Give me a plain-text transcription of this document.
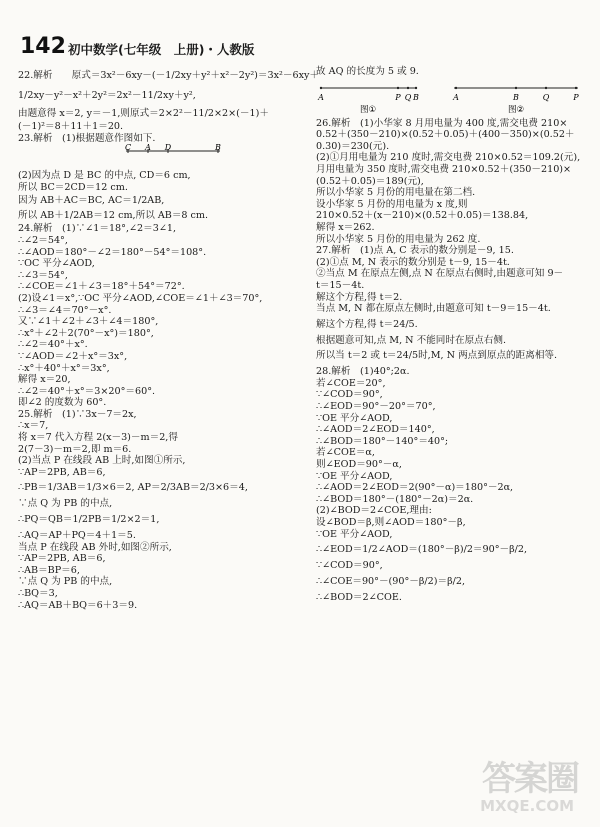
142 初中数学(七年级　上册)・人教版
22.解析　　原式＝3x²－6xy－(－1/2xy＋y²＋x²－2y²)＝3x²－6xy＋
1/2xy－y²－x²＋2y²＝2x²－11/2xy＋y²,
由题意得 x＝2, y＝－1,则原式＝2×2²－11/2×2×(－1)＋
(－1)²＝8＋11＋1＝20.
23.解析　(1)根据题意作图如下.
C A D	B
(2)因为点 D 是 BC 的中点, CD＝6 cm,
所以 BC＝2CD＝12 cm.
因为 AB＋AC＝BC, AC＝1/2AB,
所以 AB＋1/2AB＝12 cm,所以 AB＝8 cm.
24.解析　(1)∵∠1＝18°,∠2＝3∠1,
∴∠2＝54°,
∴∠AOD＝180°－∠2＝180°－54°＝108°.
∵OC 平分∠AOD,
∴∠3＝54°,
∴∠COE＝∠1＋∠3＝18°＋54°＝72°.
(2)设∠1＝x°,∵OC 平分∠AOD,∠COE＝∠1＋∠3＝70°,
∴∠3＝∠4＝70°－x°.
又∵∠1＋∠2＋∠3＋∠4＝180°,
∴x°＋∠2＋2(70°－x°)＝180°,
∴∠2＝40°＋x°.
∵∠AOD＝∠2＋x°＝3x°,
∴x°＋40°＋x°＝3x°,
解得 x＝20,
∴∠2＝40°＋x°＝3×20°＝60°.
即∠2 的度数为 60°.
25.解析　(1)∵3x－7＝2x,
∴x＝7,
将 x＝7 代入方程 2(x－3)－m＝2,得
2(7－3)－m＝2,即 m＝6.
(2)当点 P 在线段 AB 上时,如图①所示,
∵AP＝2PB, AB＝6,
∴PB＝1/3AB＝1/3×6＝2, AP＝2/3AB＝2/3×6＝4,
∵点 Q 为 PB 的中点,
∴PQ＝QB＝1/2PB＝1/2×2＝1,
∴AQ＝AP＋PQ＝4＋1＝5.
当点 P 在线段 AB 外时,如图②所示,
∵AP＝2PB, AB＝6,
∴AB＝BP＝6,
∵点 Q 为 PB 的中点,
∴BQ＝3,
∴AQ＝AB＋BQ＝6＋3＝9.
故 AQ 的长度为 5 或 9.
A	P Q B
图①
A	B	Q	P
图②
26.解析　(1)小华家 8 月用电量为 400 度,需交电费 210×
0.52＋(350－210)×(0.52＋0.05)＋(400－350)×(0.52＋
0.30)＝230(元).
(2)①月用电量为 210 度时,需交电费 210×0.52＝109.2(元),
月用电量为 350 度时,需交电费 210×0.52＋(350－210)×
(0.52＋0.05)＝189(元),
所以小华家 5 月份的用电量在第二档.
设小华家 5 月份的用电量为 x 度,则
210×0.52＋(x－210)×(0.52＋0.05)＝138.84,
解得 x＝262.
所以小华家 5 月份的用电量为 262 度.
27.解析　(1)点 A, C 表示的数分别是－9, 15.
(2)①点 M, N 表示的数分别是 t－9, 15－4t.
②当点 M 在原点左侧,点 N 在原点右侧时,由题意可知 9－
t＝15－4t.
解这个方程,得 t＝2.
当点 M, N 都在原点左侧时,由题意可知 t－9＝15－4t.
解这个方程,得 t＝24/5.
根据题意可知,点 M, N 不能同时在原点右侧.
所以当 t＝2 或 t＝24/5时,M, N 两点到原点的距离相等.
28.解析　(1)40°;2α.
若∠COE＝20°,
∵∠COD＝90°,
∴∠EOD＝90°－20°＝70°,
∵OE 平分∠AOD,
∴∠AOD＝2∠EOD＝140°,
∴∠BOD＝180°－140°＝40°;
若∠COE＝α,
则∠EOD＝90°－α,
∵OE 平分∠AOD,
∴∠AOD＝2∠EOD＝2(90°－α)＝180°－2α,
∴∠BOD＝180°－(180°－2α)＝2α.
(2)∠BOD＝2∠COE,理由:
设∠BOD＝β,则∠AOD＝180°－β,
∵OE 平分∠AOD,
∴∠EOD＝1/2∠AOD＝(180°－β)/2＝90°－β/2,
∵∠COD＝90°,
∴∠COE＝90°－(90°－β/2)＝β/2,
∴∠BOD＝2∠COE.
答案圈
MXQE.COM
